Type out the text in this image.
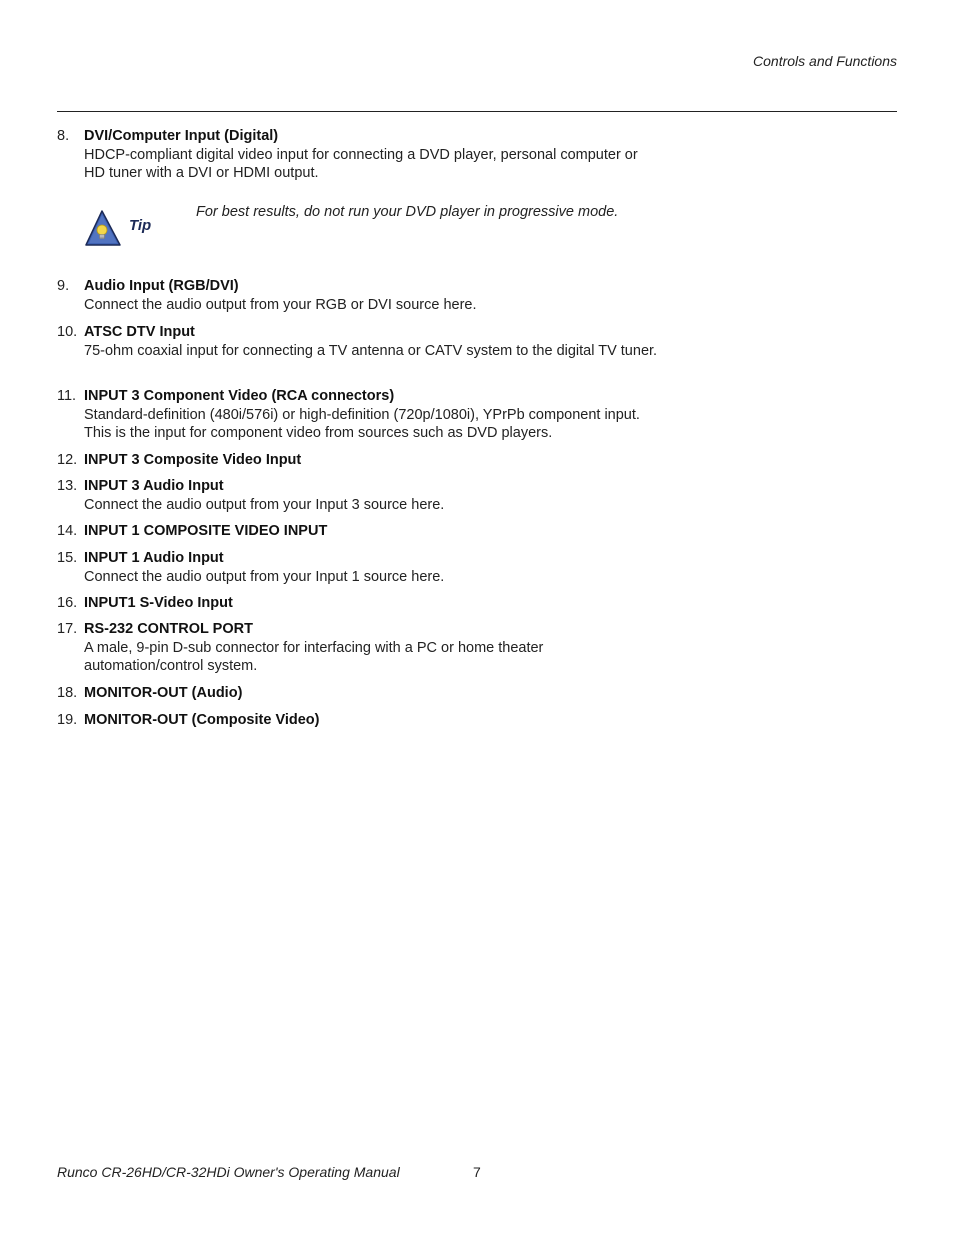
Controls and Functions
8.	DVI/Computer Input (Digital)
HDCP-compliant digital video input for connecting a DVD player, personal computer or HD tuner with a DVI or HDMI output.
Tip
For best results, do not run your DVD player in progressive mode.
9.	Audio Input (RGB/DVI)
Connect the audio output from your RGB or DVI source here.
10. ATSC DTV Input
75-ohm coaxial input for connecting a TV antenna or CATV system to the digital TV tuner.
11. INPUT 3 Component Video (RCA connectors)
Standard-definition (480i/576i) or high-definition (720p/1080i), YPrPb component input. This is the input for component video from sources such as DVD players.
12. INPUT 3 Composite Video Input
13. INPUT 3 Audio Input
Connect the audio output from your Input 3 source here.
14. INPUT 1 COMPOSITE VIDEO INPUT
15. INPUT 1 Audio Input
Connect the audio output from your Input 1 source here.
16. INPUT1 S-Video Input
17. RS-232 CONTROL PORT
A male, 9-pin D-sub connector for interfacing with a PC or home theater automation/control system.
18. MONITOR-OUT (Audio)
19. MONITOR-OUT (Composite Video)
Runco CR-26HD/CR-32HDi Owner's Operating Manual	7
